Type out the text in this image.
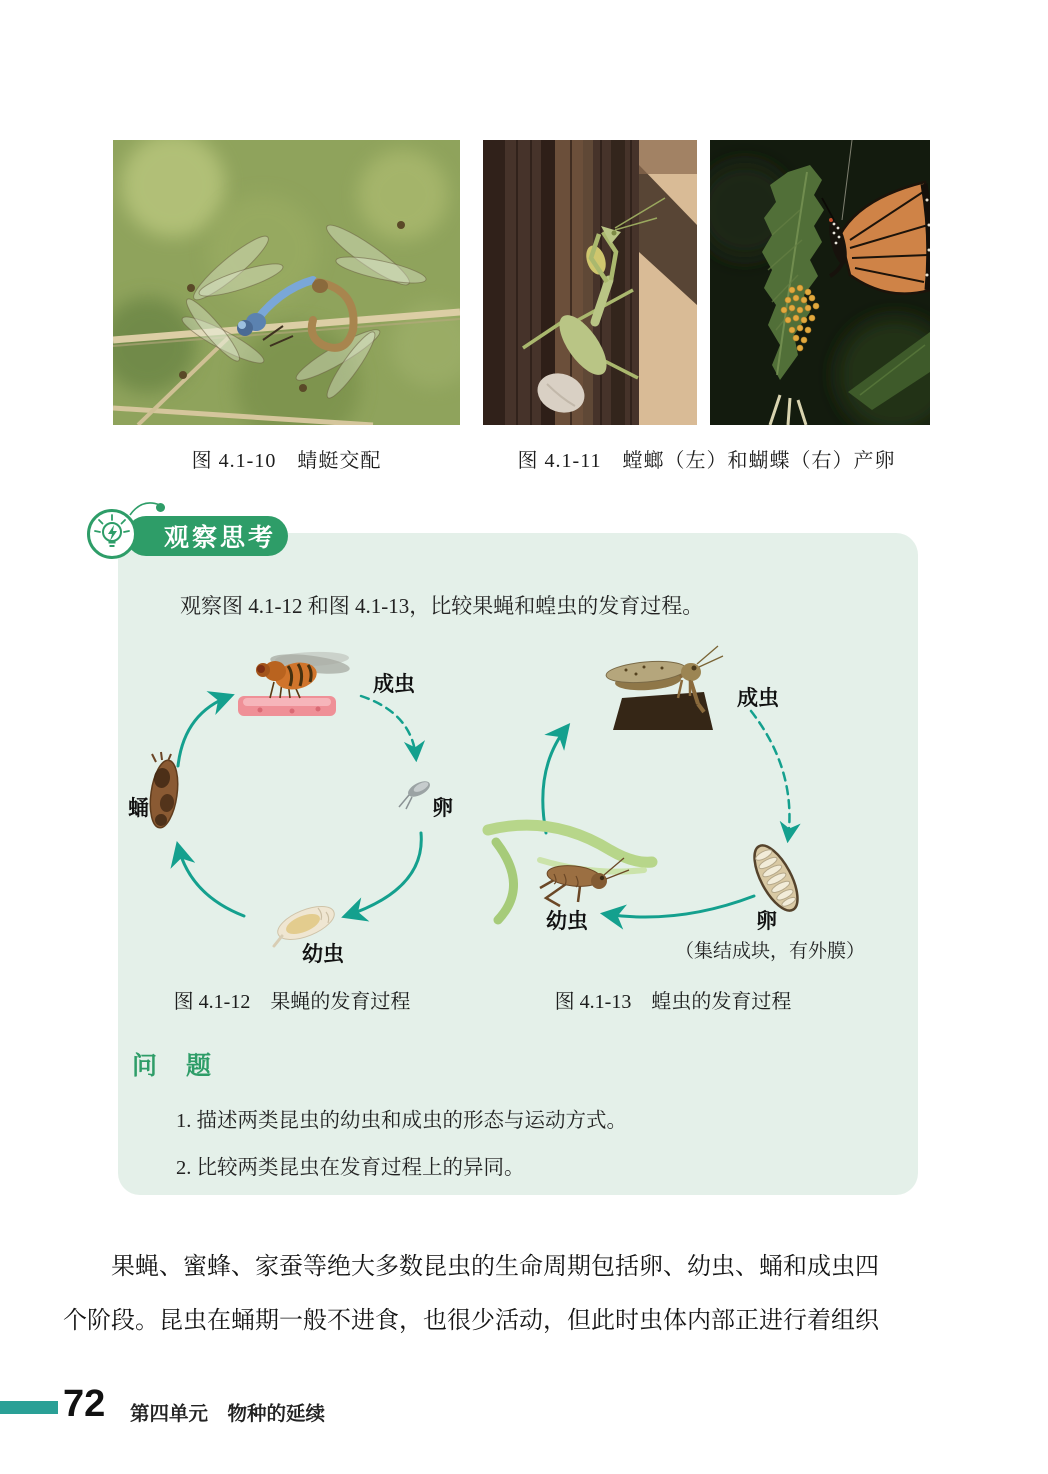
图 4.1-10　蜻蜓交配	图 4.1-11　螳螂（左）和蝴蝶（右）产卵
观察思考
观察图 4.1-12 和图 4.1-13，比较果蝇和蝗虫的发育过程。
成虫
卵
幼虫
蛹
成虫
卵
幼虫
（集结成块，有外膜）
图 4.1-12　果蝇的发育过程	图 4.1-13　蝗虫的发育过程
问　题
1. 描述两类昆虫的幼虫和成虫的形态与运动方式。
2. 比较两类昆虫在发育过程上的异同。
果蝇、蜜蜂、家蚕等绝大多数昆虫的生命周期包括卵、幼虫、蛹和成虫四
个阶段。昆虫在蛹期一般不进食，也很少活动，但此时虫体内部正进行着组织
72 第四单元　物种的延续
